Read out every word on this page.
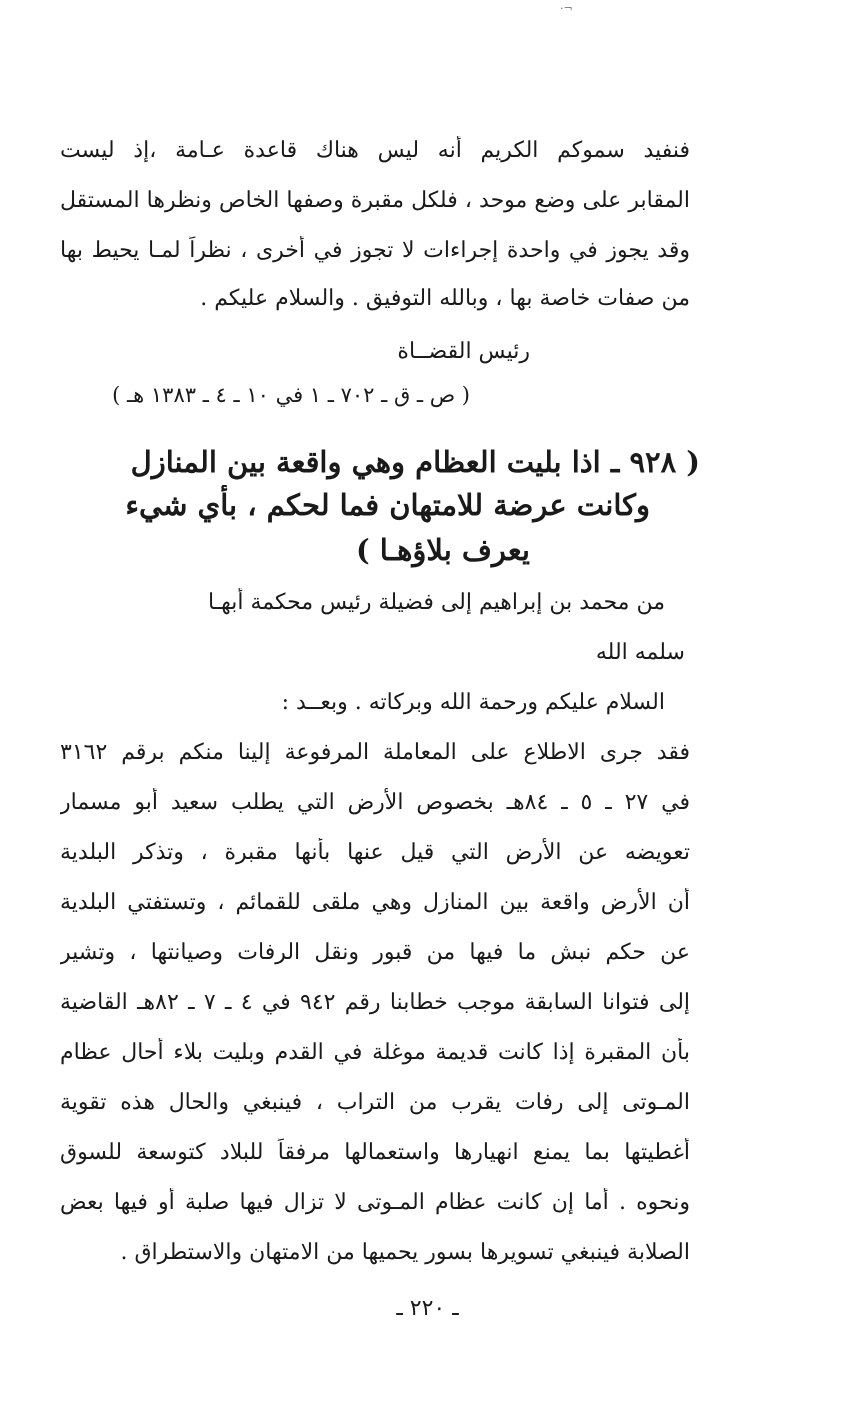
·¬
فنفيد سموكم الكريم أنه ليس هناك قاعدة عـامة ،إذ ليست
المقابر على وضع موحد ، فلكل مقبرة وصفها الخاص ونظرها المستقل
وقد يجوز في واحدة إجراءات لا تجوز في أخرى ، نظراً لمـا يحيط بها
من صفات خاصة بها ، وبالله التوفيق . والسلام عليكم .
رئيس القضــاة
( ص ـ ق ـ ٧٠٢ ـ ١ في ١٠ ـ ٤ ـ ١٣٨٣ هـ )
( ٩٢٨ ـ اذا بليت العظام وهي واقعة بين المنازل
وكانت عرضة للامتهان فما لحكم ، بأي شيء
يعرف بلاؤهـا )
من محمد بن إبراهيم إلى فضيلة رئيس محكمة أبهـا
سلمه الله
السلام عليكم ورحمة الله وبركاته . وبعــد :
فقد جرى الاطلاع على المعاملة المرفوعة إلينا منكم برقم ٣١٦٢
في ٢٧ ـ ٥ ـ ٨٤هـ بخصوص الأرض التي يطلب سعيد أبو مسمار
تعويضه عن الأرض التي قيل عنها بأنها مقبرة ، وتذكر البلدية
أن الأرض واقعة بين المنازل وهي ملقى للقمائم ، وتستفتي البلدية
عن حكم نبش ما فيها من قبور ونقل الرفات وصيانتها ، وتشير
إلى فتوانا السابقة موجب خطابنا رقم ٩٤٢ في ٤ ـ ٧ ـ ٨٢هـ القاضية
بأن المقبرة إذا كانت قديمة موغلة في القدم وبليت بلاء أحال عظام
المـوتى إلى رفات يقرب من التراب ، فينبغي والحال هذه تقوية
أغطيتها بما يمنع انهيارها واستعمالها مرفقاً للبلاد كتوسعة للسوق
ونحوه . أما إن كانت عظام المـوتى لا تزال فيها صلبة أو فيها بعض
الصلابة فينبغي تسويرها بسور يحميها من الامتهان والاستطراق .
ـ ٢٢٠ ـ
